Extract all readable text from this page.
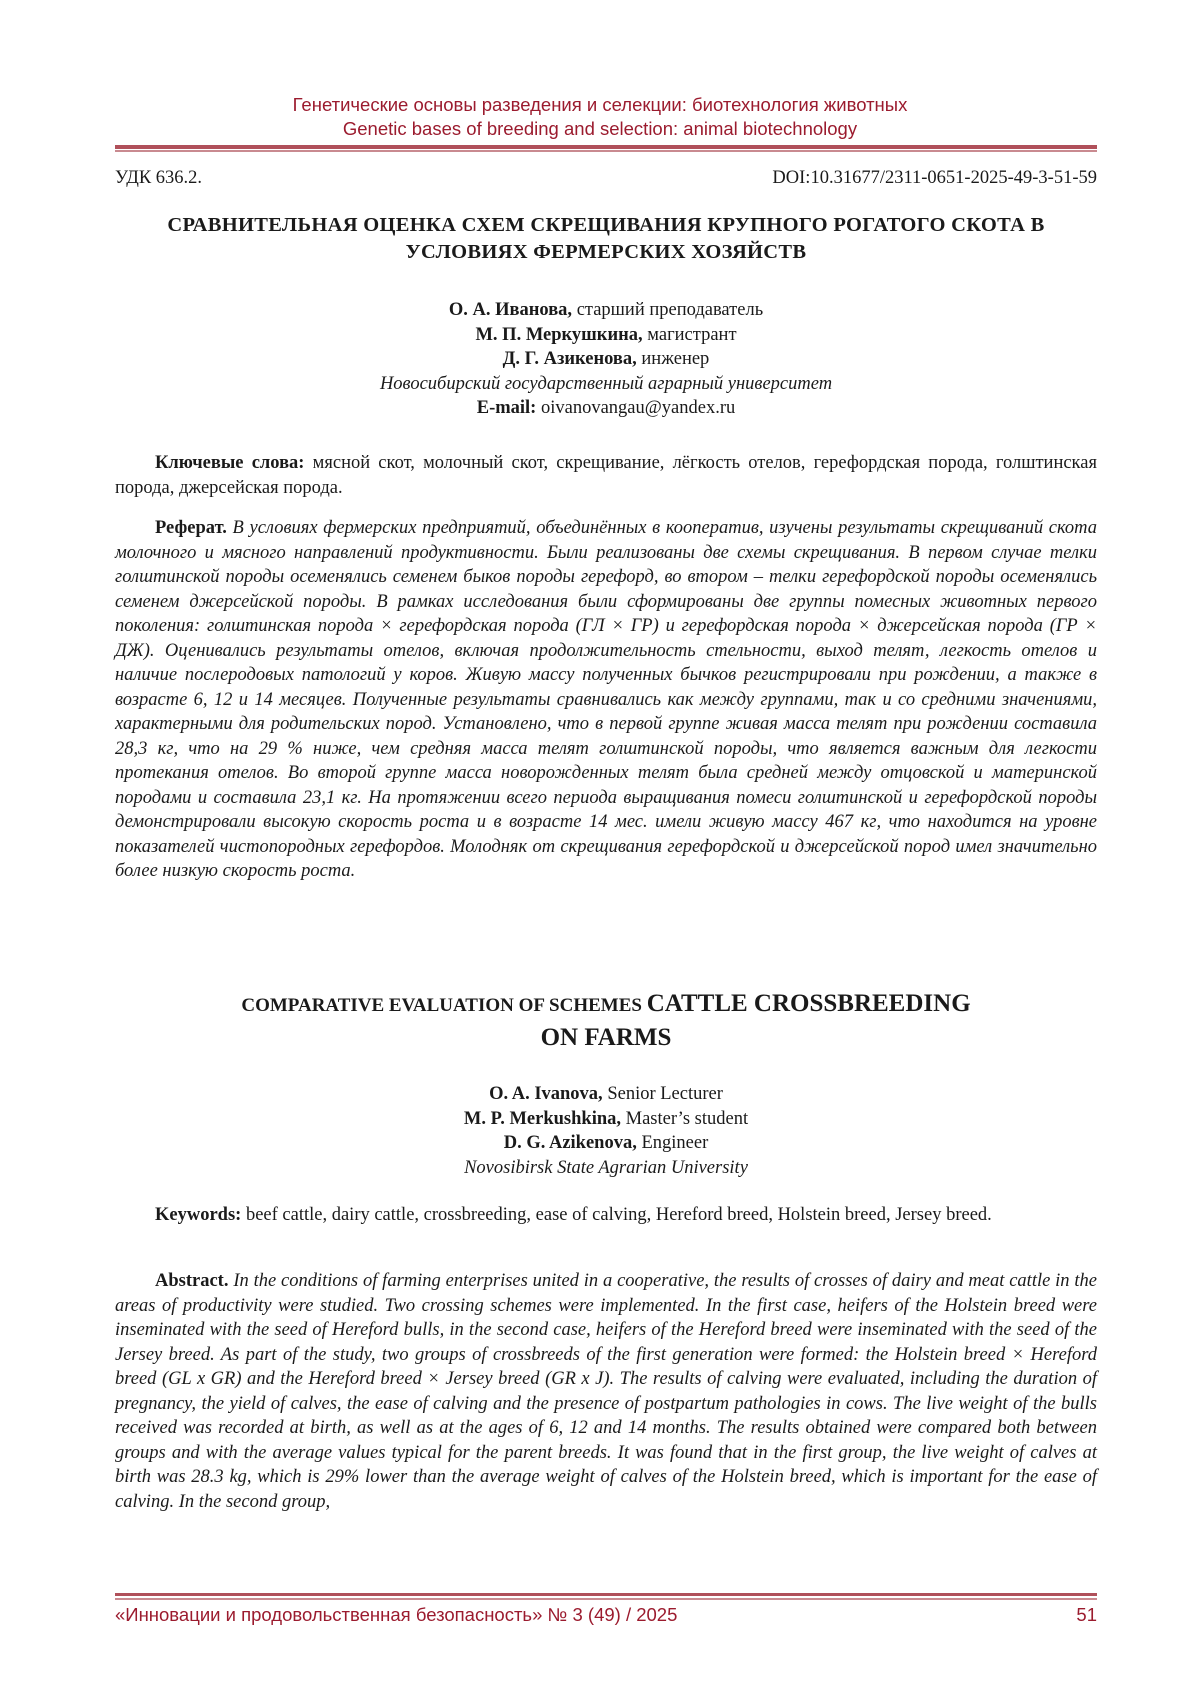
Генетические основы разведения и селекции: биотехнология животных
Genetic bases of breeding and selection: animal biotechnology
УДК 636.2.	DOI:10.31677/2311-0651-2025-49-3-51-59
СРАВНИТЕЛЬНАЯ ОЦЕНКА СХЕМ СКРЕЩИВАНИЯ КРУПНОГО РОГАТОГО СКОТА В УСЛОВИЯХ ФЕРМЕРСКИХ ХОЗЯЙСТВ
О. А. Иванова, старший преподаватель
М. П. Меркушкина, магистрант
Д. Г. Азикенова, инженер
Новосибирский государственный аграрный университет
E-mail: oivanovangau@yandex.ru

Ключевые слова: мясной скот, молочный скот, скрещивание, лёгкость отелов, герефордская порода, голштинская порода, джерсейская порода.

Реферат. В условиях фермерских предприятий, объединённых в кооператив, изучены результаты скрещиваний скота молочного и мясного направлений продуктивности. Были реализованы две схемы скрещивания. В первом случае телки голштинской породы осеменялись семенем быков породы герефорд, во втором – телки герефордской породы осеменялись семенем джерсейской породы. В рамках исследования были сформированы две группы помесных животных первого поколения: голштинская порода × герефордская порода (ГЛ × ГР) и герефордская порода × джерсейская порода (ГР × ДЖ). Оценивались результаты отелов, включая продолжительность стельности, выход телят, легкость отелов и наличие послеродовых патологий у коров. Живую массу полученных бычков регистрировали при рождении, а также в возрасте 6, 12 и 14 месяцев. Полученные результаты сравнивались как между группами, так и со средними значениями, характерными для родительских пород. Установлено, что в первой группе живая масса телят при рождении составила 28,3 кг, что на 29 % ниже, чем средняя масса телят голштинской породы, что является важным для легкости протекания отелов. Во второй группе масса новорожденных телят была средней между отцовской и материнской породами и составила 23,1 кг. На протяжении всего периода выращивания помеси голштинской и герефордской породы демонстрировали высокую скорость роста и в возрасте 14 мес. имели живую массу 467 кг, что находится на уровне показателей чистопородных герефордов. Молодняк от скрещивания герефордской и джерсейской пород имел значительно более низкую скорость роста.

COMPARATIVE EVALUATION OF SCHEMES CATTLE CROSSBREEDING
ON FARMS
O. A. Ivanova, Senior Lecturer
M. P. Merkushkina, Master’s student
D. G. Azikenova, Engineer
Novosibirsk State Agrarian University

Keywords: beef cattle, dairy cattle, crossbreeding, ease of calving, Hereford breed, Holstein breed, Jersey breed.

Abstract. In the conditions of farming enterprises united in a cooperative, the results of crosses of dairy and meat cattle in the areas of productivity were studied. Two crossing schemes were implemented. In the first case, heifers of the Holstein breed were inseminated with the seed of Hereford bulls, in the second case, heifers of the Hereford breed were inseminated with the seed of the Jersey breed. As part of the study, two groups of crossbreeds of the first generation were formed: the Holstein breed × Hereford breed (GL x GR) and the Hereford breed × Jersey breed (GR x J). The results of calving were evaluated, including the duration of pregnancy, the yield of calves, the ease of calving and the presence of postpartum pathologies in cows. The live weight of the bulls received was recorded at birth, as well as at the ages of 6, 12 and 14 months. The results obtained were compared both between groups and with the average values typical for the parent breeds. It was found that in the first group, the live weight of calves at birth was 28.3 kg, which is 29% lower than the average weight of calves of the Holstein breed, which is important for the ease of calving. In the second group,

«Инновации и продовольственная безопасность» № 3 (49) / 2025	51
